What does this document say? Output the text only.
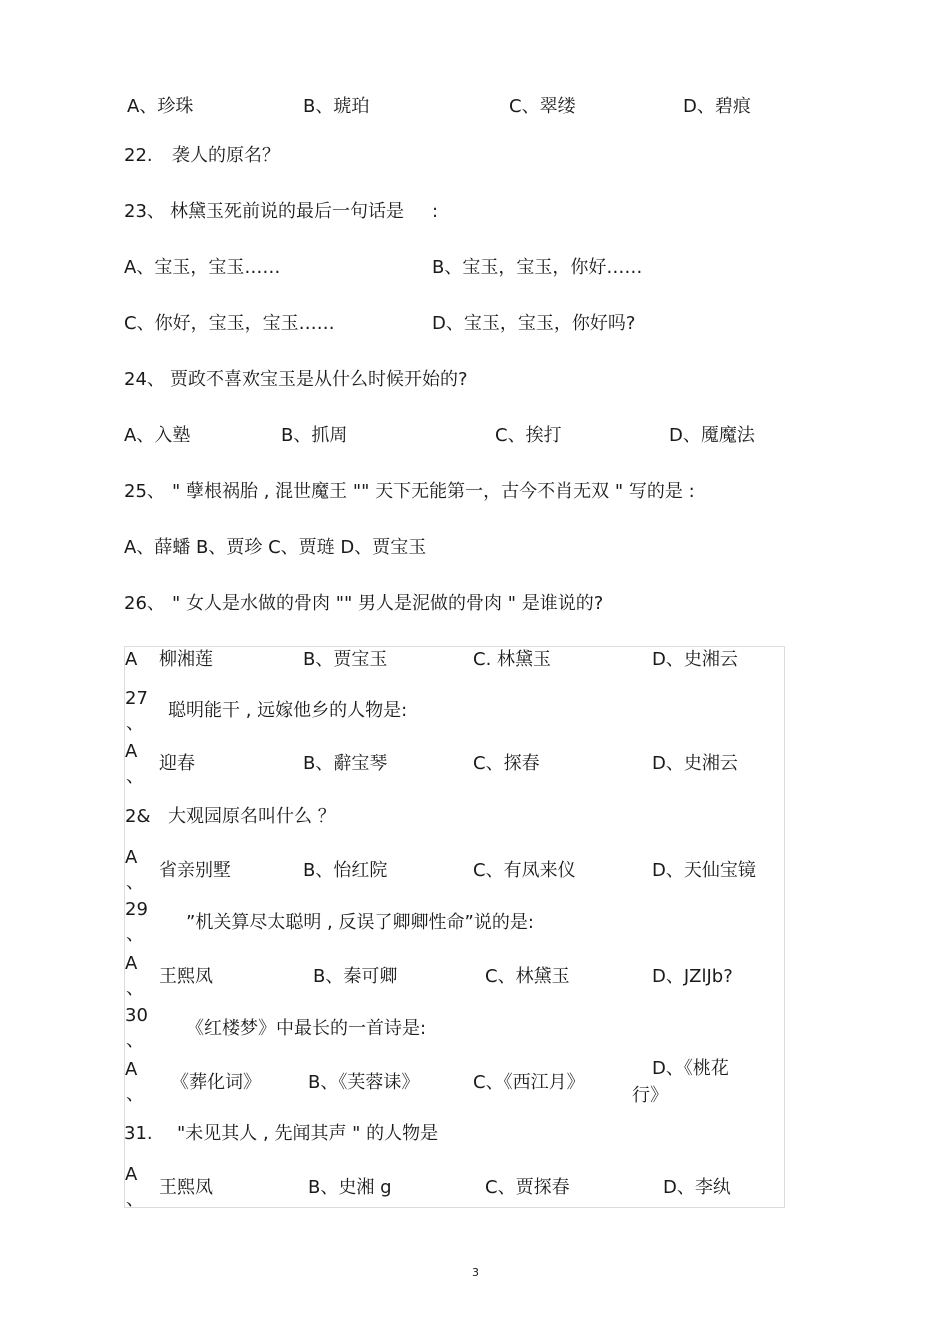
A、珍珠	B、琥珀	C、翠缕	D、碧痕
22. 袭人的原名？
23、 林黛玉死前说的最后一句话是 :
A、宝玉，宝玉……	B、宝玉，宝玉，你好……
C、你好，宝玉，宝玉……	D、宝玉，宝玉，你好吗?
24、 贾政不喜欢宝玉是从什么时候开始的?
A、入塾	B、抓周	C、挨打	D、魇魔法
25、 " 孽根祸胎 , 混世魔王 "" 天下无能第一，古今不肖无双 " 写的是 :
A、薛蟠 B、贾珍 C、贾琏 D、贾宝玉
26、 " 女人是水做的骨肉 "" 男人是泥做的骨肉 " 是谁说的?
A 柳湘莲	B、贾宝玉	C. 林黛玉	D、史湘云
27
、
聪明能干 , 远嫁他乡的人物是:
A
、
迎春	B、辭宝琴	C、探春	D、史湘云
2& 大观园原名叫什么 ？
A
、
省亲别墅	B、怡红院	C、有凤来仪	D、天仙宝镜
29
、
”机关算尽太聪明 , 反误了卿卿性命”说的是:
A
、
王熙凤	B、秦可卿	C、林黛玉	D、JZlJb?
30
、
《红楼梦》中最长的一首诗是:
A
、
《葬化词》	B、《芙蓉诔》	C、《西江月》
D、《桃花
行》
31. "未见其人 , 先闻其声 " 的人物是
A
、
王熙凤	B、史湘 g	C、贾探春	D、李纨
3
